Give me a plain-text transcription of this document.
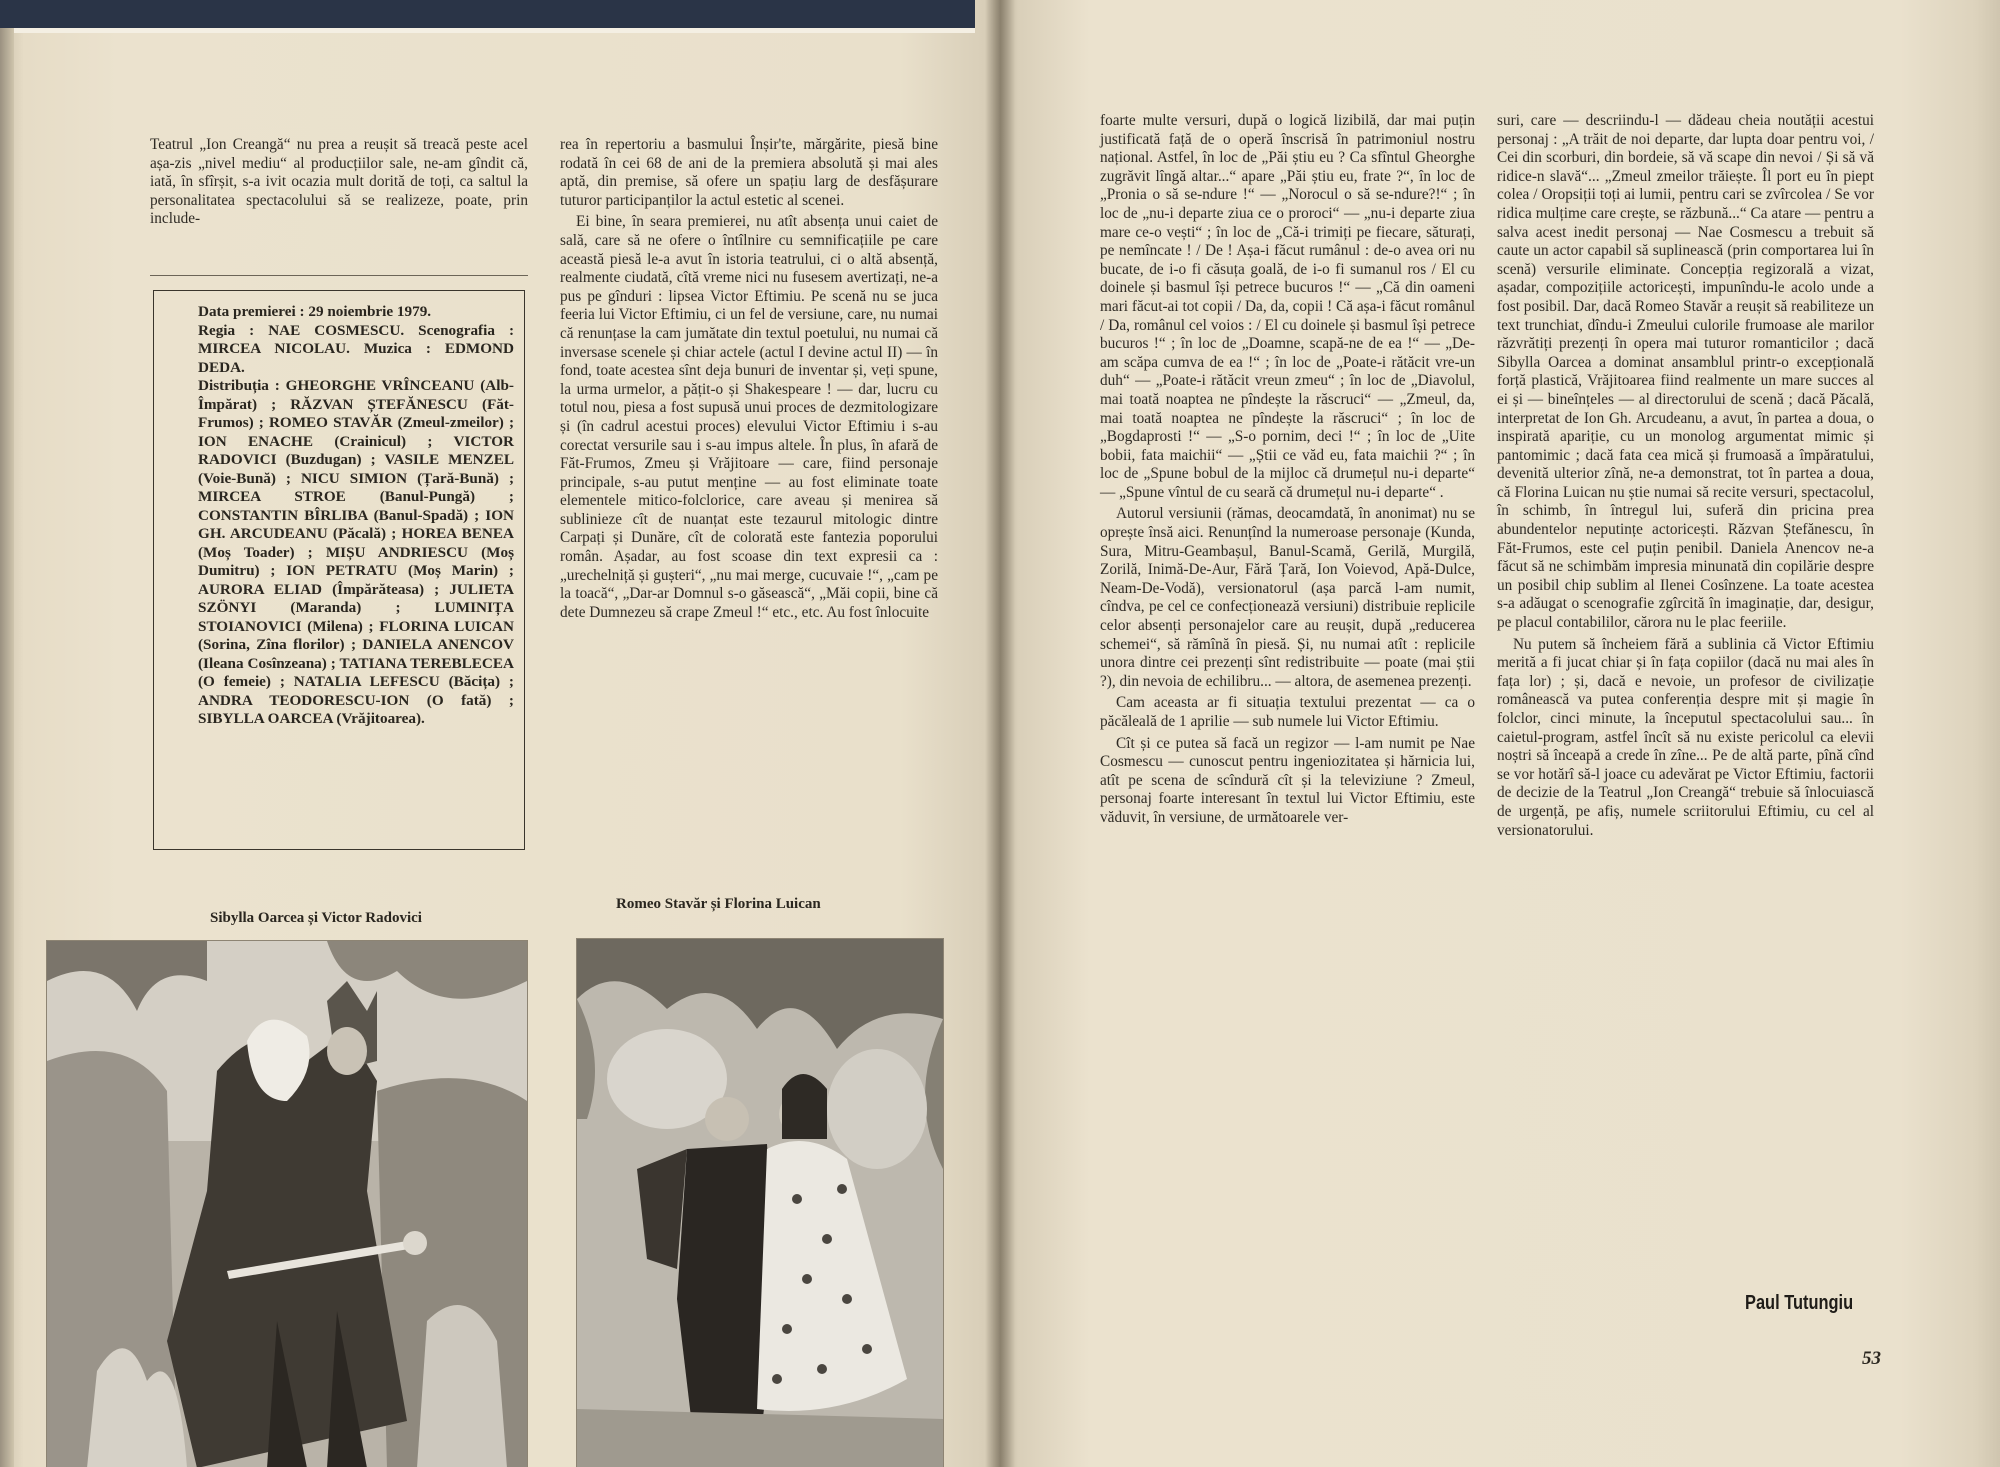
Teatrul „Ion Creangă“ nu prea a reușit să treacă peste acel așa-zis „nivel mediu“ al producțiilor sale, ne-am gîndit că, iată, în sfîrșit, s-a ivit ocazia mult dorită de toți, ca saltul la personalitatea spectacolului să se realizeze, poate, prin include-

Data premierei : 29 noiembrie 1979.

Regia : NAE COSMESCU. Scenografia : MIRCEA NICOLAU. Muzica : EDMOND DEDA.

Distribuția : GHEORGHE VRÎNCEANU (Alb-Împărat) ; RĂZVAN ȘTEFĂNESCU (Făt-Frumos) ; ROMEO STAVĂR (Zmeul-zmeilor) ; ION ENACHE (Crainicul) ; VICTOR RADOVICI (Buzdugan) ; VASILE MENZEL (Voie-Bună) ; NICU SIMION (Țară-Bună) ; MIRCEA STROE (Banul-Pungă) ; CONSTANTIN BÎRLIBA (Banul-Spadă) ; ION GH. ARCUDEANU (Păcală) ; HOREA BENEA (Moș Toader) ; MIȘU ANDRIESCU (Moș Dumitru) ; ION PETRATU (Moș Marin) ; AURORA ELIAD (Împărăteasa) ; JULIETA SZÖNYI (Maranda) ; LUMINIȚA STOIANOVICI (Milena) ; FLORINA LUICAN (Sorina, Zîna florilor) ; DANIELA ANENCOV (Ileana Cosînzeana) ; TATIANA TEREBLECEA (O femeie) ; NATALIA LEFESCU (Băcița) ; ANDRA TEODORESCU-ION (O fată) ; SIBYLLA OARCEA (Vrăjitoarea).

rea în repertoriu a basmului Înșir'te, mărgărite, piesă bine rodată în cei 68 de ani de la premiera absolută și mai ales aptă, din premise, să ofere un spațiu larg de desfășurare tuturor participanților la actul estetic al scenei.

Ei bine, în seara premierei, nu atît absența unui caiet de sală, care să ne ofere o întîlnire cu semnificațiile pe care această piesă le-a avut în istoria teatrului, ci o altă absență, realmente ciudată, cîtă vreme nici nu fusesem avertizați, ne-a pus pe gînduri : lipsea Victor Eftimiu. Pe scenă nu se juca feeria lui Victor Eftimiu, ci un fel de versiune, care, nu numai că renunțase la cam jumătate din textul poetului, nu numai că inversase scenele și chiar actele (actul I devine actul II) — în fond, toate acestea sînt deja bunuri de inventar și, veți spune, la urma urmelor, a pățit-o și Shakespeare ! — dar, lucru cu totul nou, piesa a fost supusă unui proces de dezmitologizare și (în cadrul acestui proces) elevului Victor Eftimiu i s-au corectat versurile sau i s-au impus altele. În plus, în afară de Făt-Frumos, Zmeu și Vrăjitoare — care, fiind personaje principale, s-au putut menține — au fost eliminate toate elementele mitico-folclorice, care aveau și menirea să sublinieze cît de nuanțat este tezaurul mitologic dintre Carpați și Dunăre, cît de colorată este fantezia poporului român. Așadar, au fost scoase din text expresii ca : „urechelniță și gușteri“, „nu mai merge, cucuvaie !“, „cam pe la toacă“, „Dar-ar Domnul s-o găsească“, „Măi copii, bine că dete Dumnezeu să crape Zmeul !“ etc., etc. Au fost înlocuite

Sibylla Oarcea și Victor Radovici
Romeo Stavăr și Florina Luican

foarte multe versuri, după o logică lizibilă, dar mai puțin justificată față de o operă înscrisă în patrimoniul nostru național. Astfel, în loc de „Păi știu eu ? Ca sfîntul Gheorghe zugrăvit lîngă altar...“ apare „Păi știu eu, frate ?“, în loc de „Pronia o să se-ndure !“ — „Norocul o să se-ndure?!“ ; în loc de „nu-i departe ziua ce o proroci“ — „nu-i departe ziua mare ce-o vești“ ; în loc de „Că-i trimiți pe fiecare, săturați, pe nemîncate ! / De ! Așa-i făcut rumânul : de-o avea ori nu bucate, de i-o fi căsuța goală, de i-o fi sumanul ros / El cu doinele și basmul își petrece bucuros !“ — „Că din oameni mari făcut-ai tot copii / Da, da, copii ! Că așa-i făcut românul / Da, românul cel voios : / El cu doinele și basmul își petrece bucuros !“ ; în loc de „Doamne, scapă-ne de ea !“ — „De-am scăpa cumva de ea !“ ; în loc de „Poate-i rătăcit vre-un duh“ — „Poate-i rătăcit vreun zmeu“ ; în loc de „Diavolul, mai toată noaptea ne pîndește la răscruci“ — „Zmeul, da, mai toată noaptea ne pîndește la răscruci“ ; în loc de „Bogdaprosti !“ — „S-o pornim, deci !“ ; în loc de „Uite bobii, fata maichii“ — „Știi ce văd eu, fata maichii ?“ ; în loc de „Spune bobul de la mijloc că drumețul nu-i departe“ — „Spune vîntul de cu seară că drumețul nu-i departe“ .

Autorul versiunii (rămas, deocamdată, în anonimat) nu se oprește însă aici. Renunțînd la numeroase personaje (Kunda, Sura, Mitru-Geambașul, Banul-Scamă, Gerilă, Murgilă, Zorilă, Inimă-De-Aur, Fără Țară, Ion Voievod, Apă-Dulce, Neam-De-Vodă), versionatorul (așa parcă l-am numit, cîndva, pe cel ce confecționează versiuni) distribuie replicile celor absenți personajelor care au reușit, după „reducerea schemei“, să rămînă în piesă. Și, nu numai atît : replicile unora dintre cei prezenți sînt redistribuite — poate (mai știi ?), din nevoia de echilibru... — altora, de asemenea prezenți.

Cam aceasta ar fi situația textului prezentat — ca o păcăleală de 1 aprilie — sub numele lui Victor Eftimiu.

Cît și ce putea să facă un regizor — l-am numit pe Nae Cosmescu — cunoscut pentru ingeniozitatea și hărnicia lui, atît pe scena de scîndură cît și la televiziune ? Zmeul, personaj foarte interesant în textul lui Victor Eftimiu, este văduvit, în versiune, de următoarele ver-

suri, care — descriindu-l — dădeau cheia noutății acestui personaj : „A trăit de noi departe, dar lupta doar pentru voi, / Cei din scorburi, din bordeie, să vă scape din nevoi / Și să vă ridice-n slavă“... „Zmeul zmeilor trăiește. Îl port eu în piept colea / Oropsiții toți ai lumii, pentru cari se zvîrcolea / Se vor ridica mulțime care crește, se răzbună...“ Ca atare — pentru a salva acest inedit personaj — Nae Cosmescu a trebuit să caute un actor capabil să suplinească (prin comportarea lui în scenă) versurile eliminate. Concepția regizorală a vizat, așadar, compozițiile actoricești, impunîndu-le acolo unde a fost posibil. Dar, dacă Romeo Stavăr a reușit să reabiliteze un text trunchiat, dîndu-i Zmeului culorile frumoase ale marilor răzvrătiți prezenți în opera mai tuturor romanticilor ; dacă Sibylla Oarcea a dominat ansamblul printr-o excepțională forță plastică, Vrăjitoarea fiind realmente un mare succes al ei și — bineînțeles — al directorului de scenă ; dacă Păcală, interpretat de Ion Gh. Arcudeanu, a avut, în partea a doua, o inspirată apariție, cu un monolog argumentat mimic și pantomimic ; dacă fata cea mică și frumoasă a împăratului, devenită ulterior zînă, ne-a demonstrat, tot în partea a doua, că Florina Luican nu știe numai să recite versuri, spectacolul, în schimb, în întregul lui, suferă din pricina prea abundentelor neputințe actoricești. Răzvan Ștefănescu, în Făt-Frumos, este cel puțin penibil. Daniela Anencov ne-a făcut să ne schimbăm impresia minunată din copilărie despre un posibil chip sublim al Ilenei Cosînzene. La toate acestea s-a adăugat o scenografie zgîrcită în imaginație, dar, desigur, pe placul contabililor, cărora nu le plac feeriile.

Nu putem să încheiem fără a sublinia că Victor Eftimiu merită a fi jucat chiar și în fața copiilor (dacă nu mai ales în fața lor) ; și, dacă e nevoie, un profesor de civilizație românească va putea conferenția despre mit și magie în folclor, cinci minute, la începutul spectacolului sau... în caietul-program, astfel încît să nu existe pericolul ca elevii noștri să înceapă a crede în zîne... Pe de altă parte, pînă cînd se vor hotărî să-l joace cu adevărat pe Victor Eftimiu, factorii de decizie de la Teatrul „Ion Creangă“ trebuie să înlocuiască de urgență, pe afiș, numele scriitorului Eftimiu, cu cel al versionatorului.

Paul Tutungiu
53
